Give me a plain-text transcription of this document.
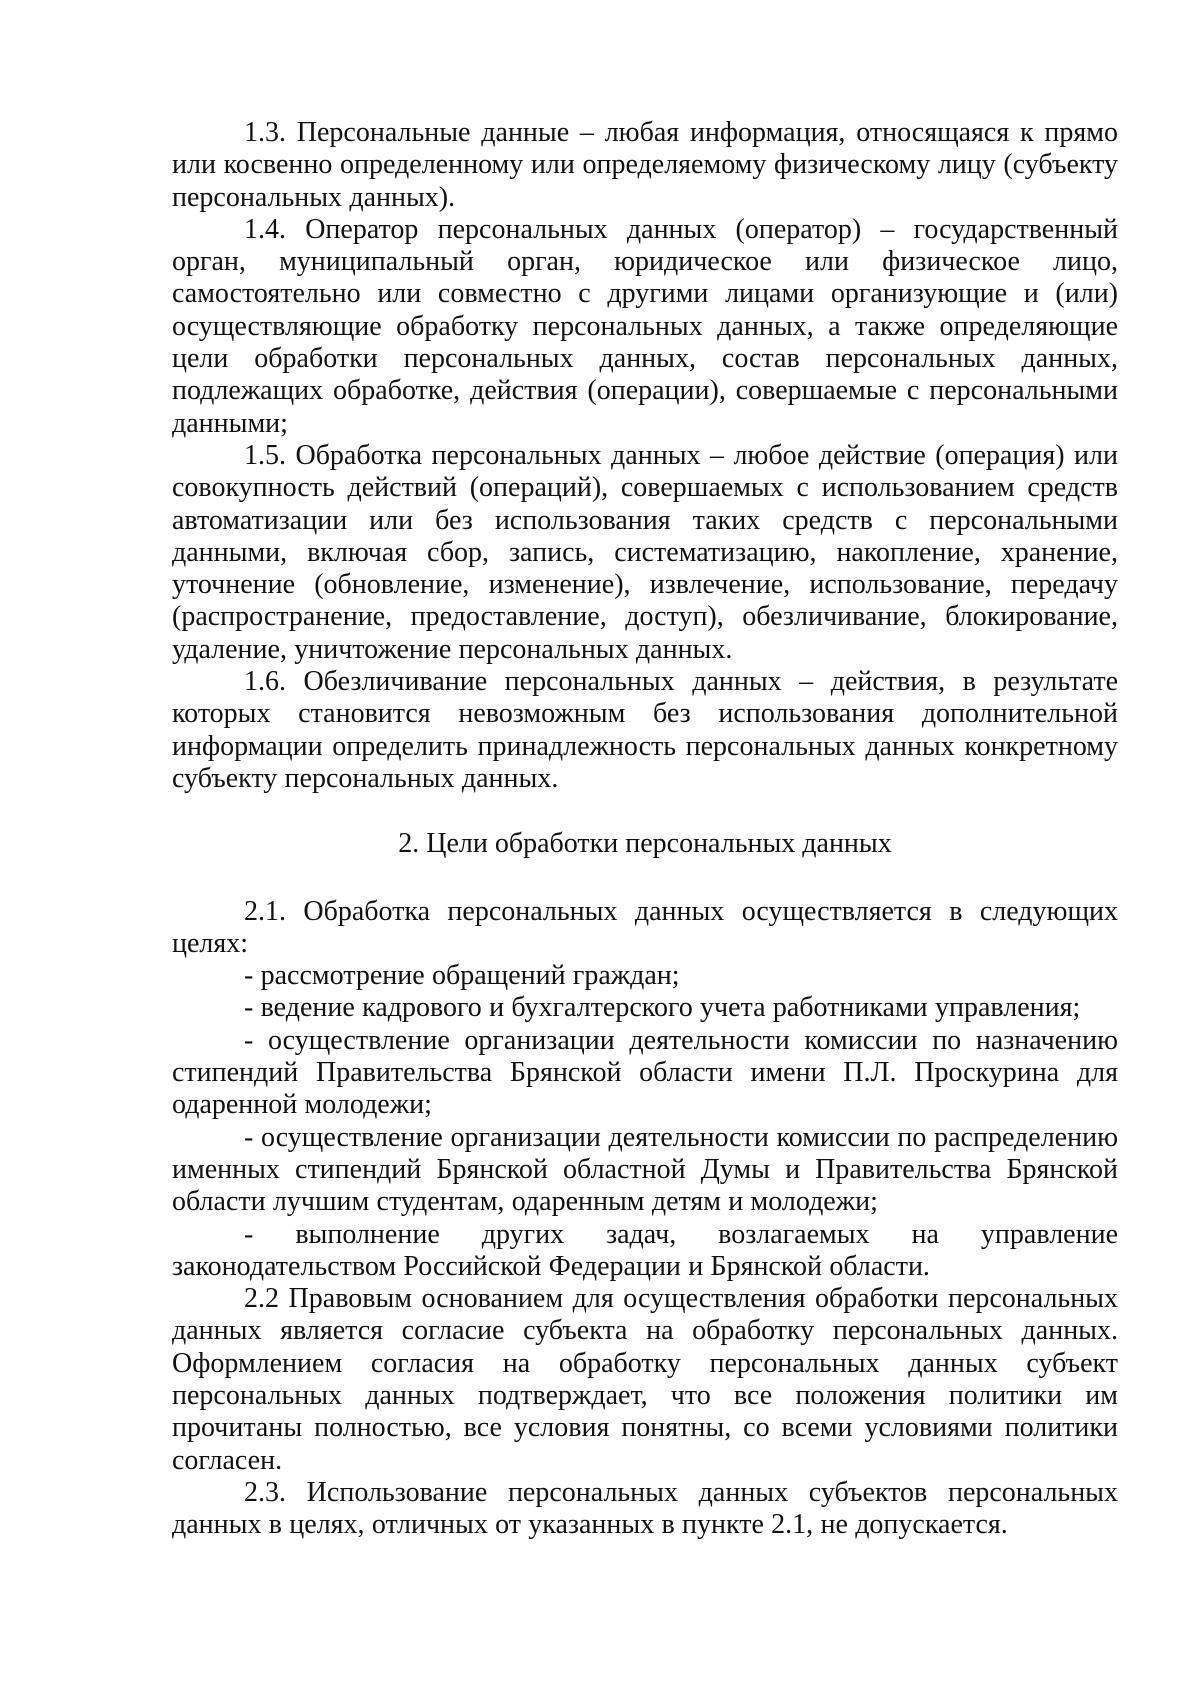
1.3. Персональные данные – любая информация, относящаяся к прямо или косвенно определенному или определяемому физическому лицу (субъекту персональных данных).

1.4. Оператор персональных данных (оператор) – государственный орган, муниципальный орган, юридическое или физическое лицо, самостоятельно или совместно с другими лицами организующие и (или) осуществляющие обработку персональных данных, а также определяющие цели обработки персональных данных, состав персональных данных, подлежащих обработке, действия (операции), совершаемые с персональными данными;

1.5. Обработка персональных данных – любое действие (операция) или совокупность действий (операций), совершаемых с использованием средств автоматизации или без использования таких средств с персональными данными, включая сбор, запись, систематизацию, накопление, хранение, уточнение (обновление, изменение), извлечение, использование, передачу (распространение, предоставление, доступ), обезличивание, блокирование, удаление, уничтожение персональных данных.

1.6. Обезличивание персональных данных – действия, в результате которых становится невозможным без использования дополнительной информации определить принадлежность персональных данных конкретному субъекту персональных данных.

2. Цели обработки персональных данных

2.1. Обработка персональных данных осуществляется в следующих целях:

- рассмотрение обращений граждан;

- ведение кадрового и бухгалтерского учета работниками управления;

- осуществление организации деятельности комиссии по назначению стипендий Правительства Брянской области имени П.Л. Проскурина для одаренной молодежи;

- осуществление организации деятельности комиссии по распределению именных стипендий Брянской областной Думы и Правительства Брянской области лучшим студентам, одаренным детям и молодежи;

- выполнение других задач, возлагаемых на управление законодательством Российской Федерации и Брянской области.

2.2 Правовым основанием для осуществления обработки персональных данных является согласие субъекта на обработку персональных данных. Оформлением согласия на обработку персональных данных субъект персональных данных подтверждает, что все положения политики им прочитаны полностью, все условия понятны, со всеми условиями политики согласен.

2.3. Использование персональных данных субъектов персональных данных в целях, отличных от указанных в пункте 2.1, не допускается.
